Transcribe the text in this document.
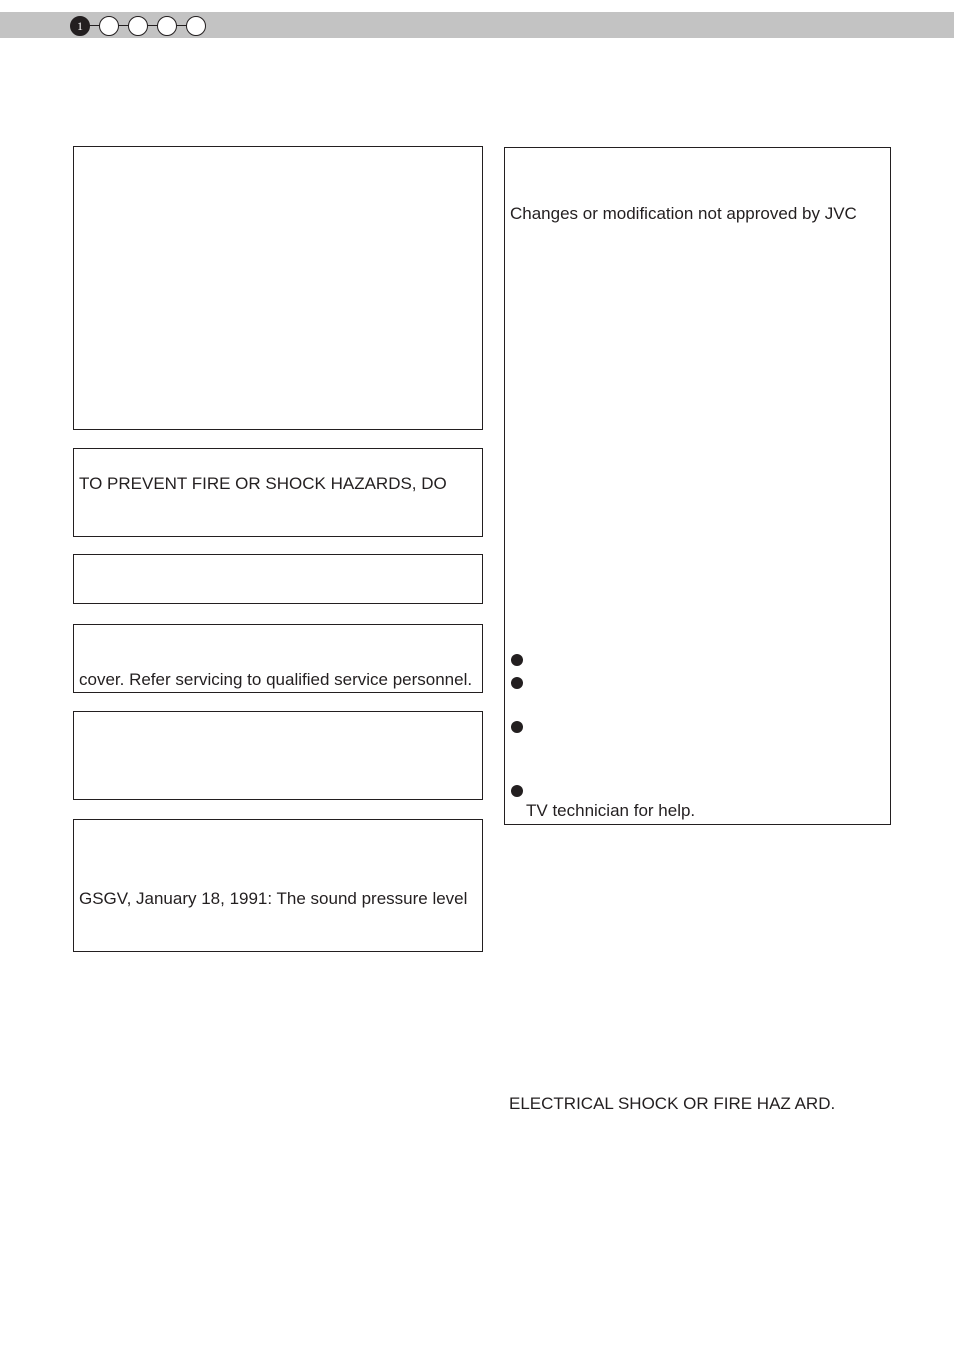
1
TO PREVENT FIRE OR SHOCK HAZARDS, DO
cover. Refer servicing to qualified service personnel.
GSGV, January 18, 1991: The sound pressure level
Changes or modification not approved by JVC
TV technician for help.
ELECTRICAL SHOCK OR FIRE HAZ ARD.
